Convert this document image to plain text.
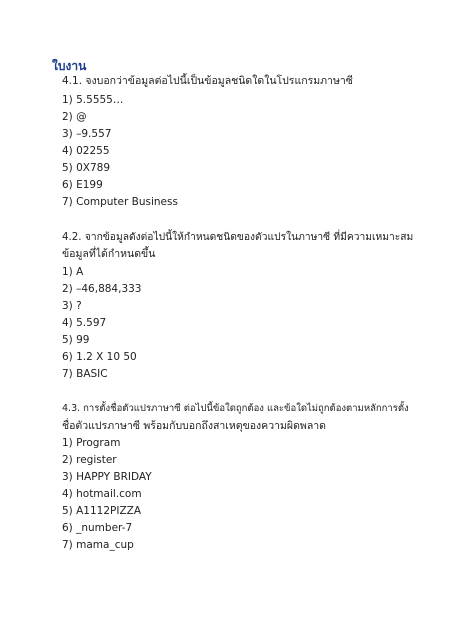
ใบงาน
4.1. จงบอกว่าข้อมูลต่อไปนี้เป็นข้อมูลชนิดใดในโปรแกรมภาษาซี
1) 5.5555…
2) @
3) –9.557
4) 02255
5) 0X789
6) E199
7) Computer Business
4.2. จากข้อมูลดังต่อไปนี้ให้กำหนดชนิดของตัวแปรในภาษาซี ที่มีความเหมาะสม
ข้อมูลที่ได้กำหนดขึ้น
1) A
2) –46,884,333
3) ?
4) 5.597
5) 99
6) 1.2 X 10 50
7) BASIC
4.3. การตั้งชื่อตัวแปรภาษาซี ต่อไปนี้ข้อใดถูกต้อง และข้อใดไม่ถูกต้องตามหลักการตั้ง
ชื่อตัวแปรภาษาซี พร้อมกับบอกถึงสาเหตุของความผิดพลาด
1) Program
2) register
3) HAPPY BRIDAY
4) hotmail.com
5) A1112PIZZA
6) _number-7
7) mama_cup
